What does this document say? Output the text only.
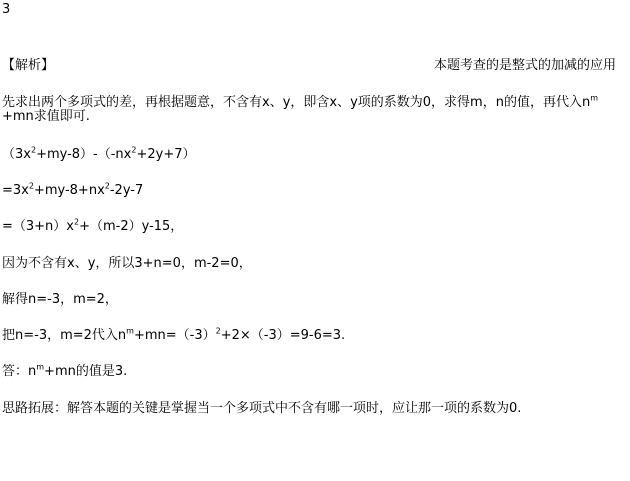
3
【解析】	本题考查的是整式的加减的应用
先求出两个多项式的差，再根据题意，不含有x、y，即含x、y项的系数为0，求得m，n的值，再代入$n^m$
+mn求值即可.
$(3x^2+my-8)-(-nx^2+2y+7)$
$=3x^2+my-8+nx^2-2y-7$
$=(3+n)x^2+(m-2)y-15$，
因为不含有x、y，所以3+n=0，m-2=0，
解得n=-3，m=2，
把n=-3，m=2代入$n^m+mn=(-3)^2+2\times(-3)=9-6=3$.
答：$n^m+mn$的值是3.
思路拓展：解答本题的关键是掌握当一个多项式中不含有哪一项时，应让那一项的系数为0.
